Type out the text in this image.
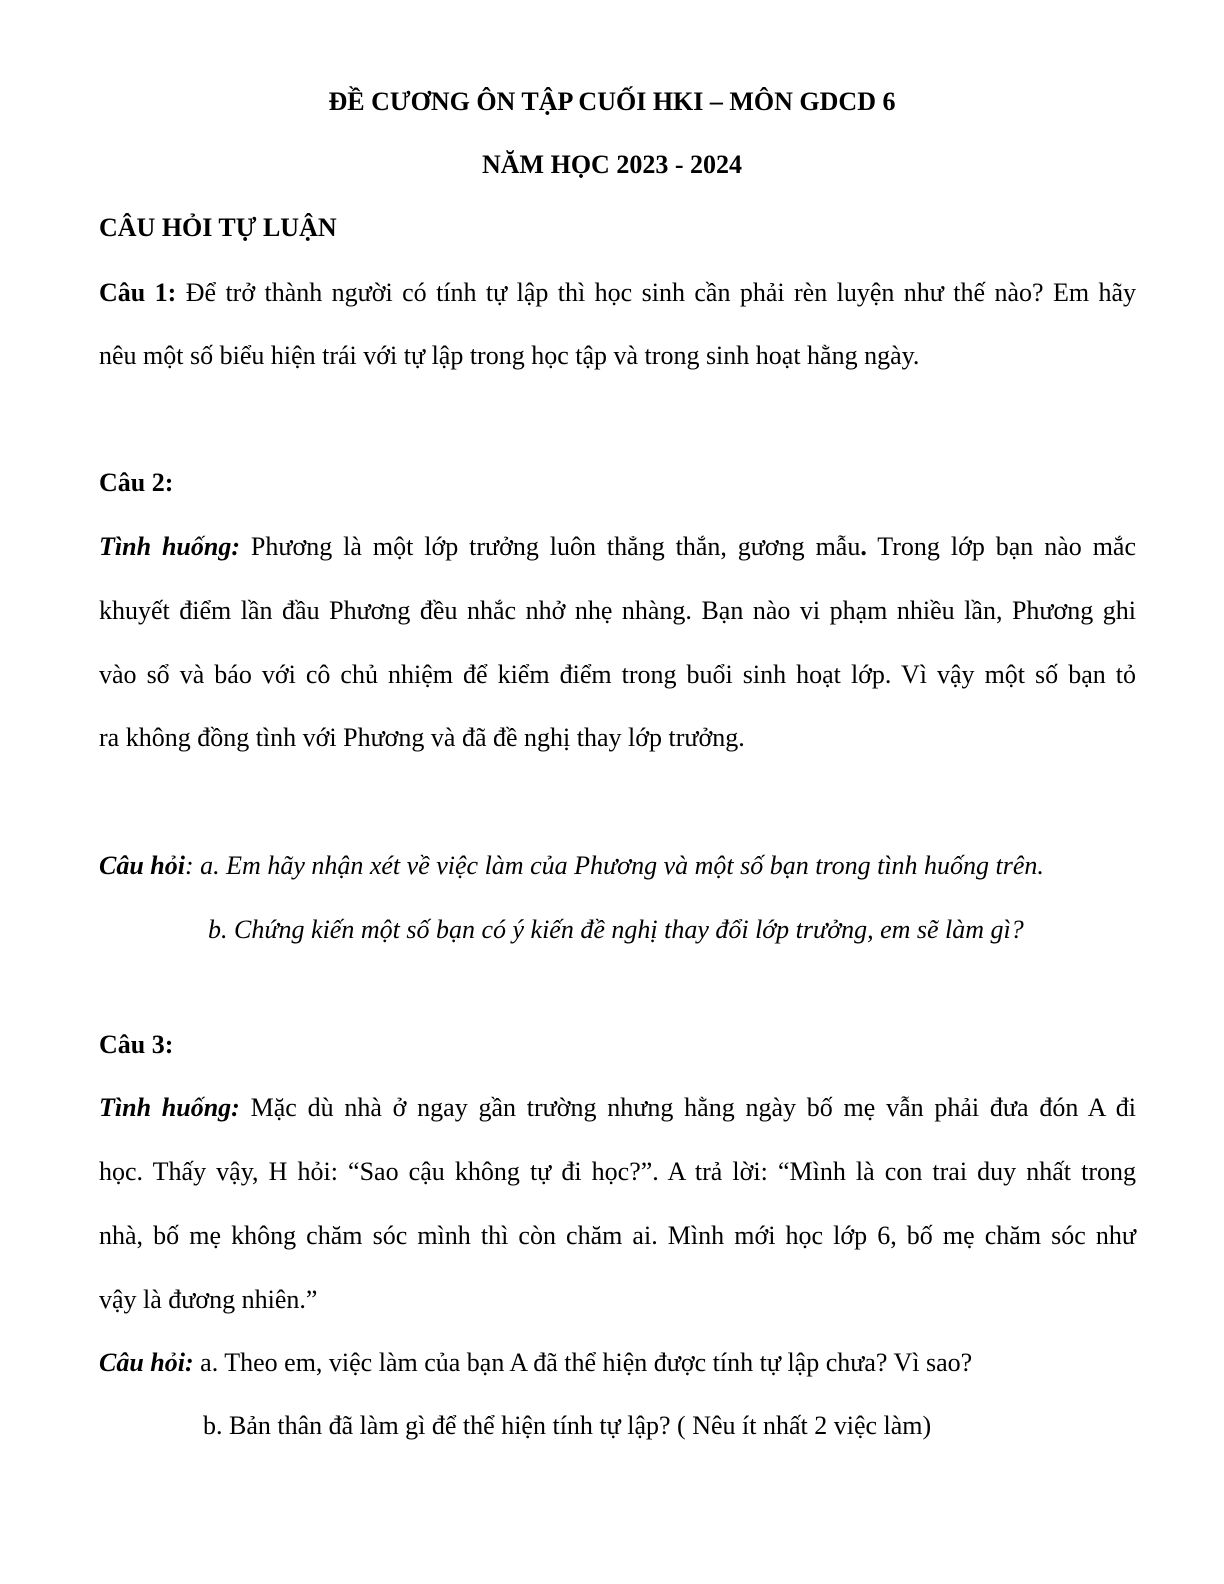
ĐỀ CƯƠNG ÔN TẬP CUỐI HKI – MÔN GDCD 6
NĂM HỌC 2023 - 2024
CÂU HỎI TỰ LUẬN
Câu 1: Để trở thành người có tính tự lập thì học sinh cần phải rèn luyện như thế nào? Em hãy
nêu một số biểu hiện trái với tự lập trong học tập và trong sinh hoạt hằng ngày.
Câu 2:
Tình huống: Phương là một lớp trưởng luôn thẳng thắn, gương mẫu. Trong lớp bạn nào mắc
khuyết điểm lần đầu Phương đều nhắc nhở nhẹ nhàng. Bạn nào vi phạm nhiều lần, Phương ghi
vào sổ và báo với cô chủ nhiệm để kiểm điểm trong buổi sinh hoạt lớp. Vì vậy một số bạn tỏ
ra không đồng tình với Phương và đã đề nghị thay lớp trưởng.
Câu hỏi: a. Em hãy nhận xét về việc làm của Phương và một số bạn trong tình huống trên.
b. Chứng kiến một số bạn có ý kiến đề nghị thay đổi lớp trưởng, em sẽ làm gì?
Câu 3:
Tình huống: Mặc dù nhà ở ngay gần trường nhưng hằng ngày bố mẹ vẫn phải đưa đón A đi
học. Thấy vậy, H hỏi: “Sao cậu không tự đi học?”. A trả lời: “Mình là con trai duy nhất trong
nhà, bố mẹ không chăm sóc mình thì còn chăm ai. Mình mới học lớp 6, bố mẹ chăm sóc như
vậy là đương nhiên.”
Câu hỏi: a. Theo em, việc làm của bạn A đã thể hiện được tính tự lập chưa? Vì sao?
b. Bản thân đã làm gì để thể hiện tính tự lập? ( Nêu ít nhất 2 việc làm)
